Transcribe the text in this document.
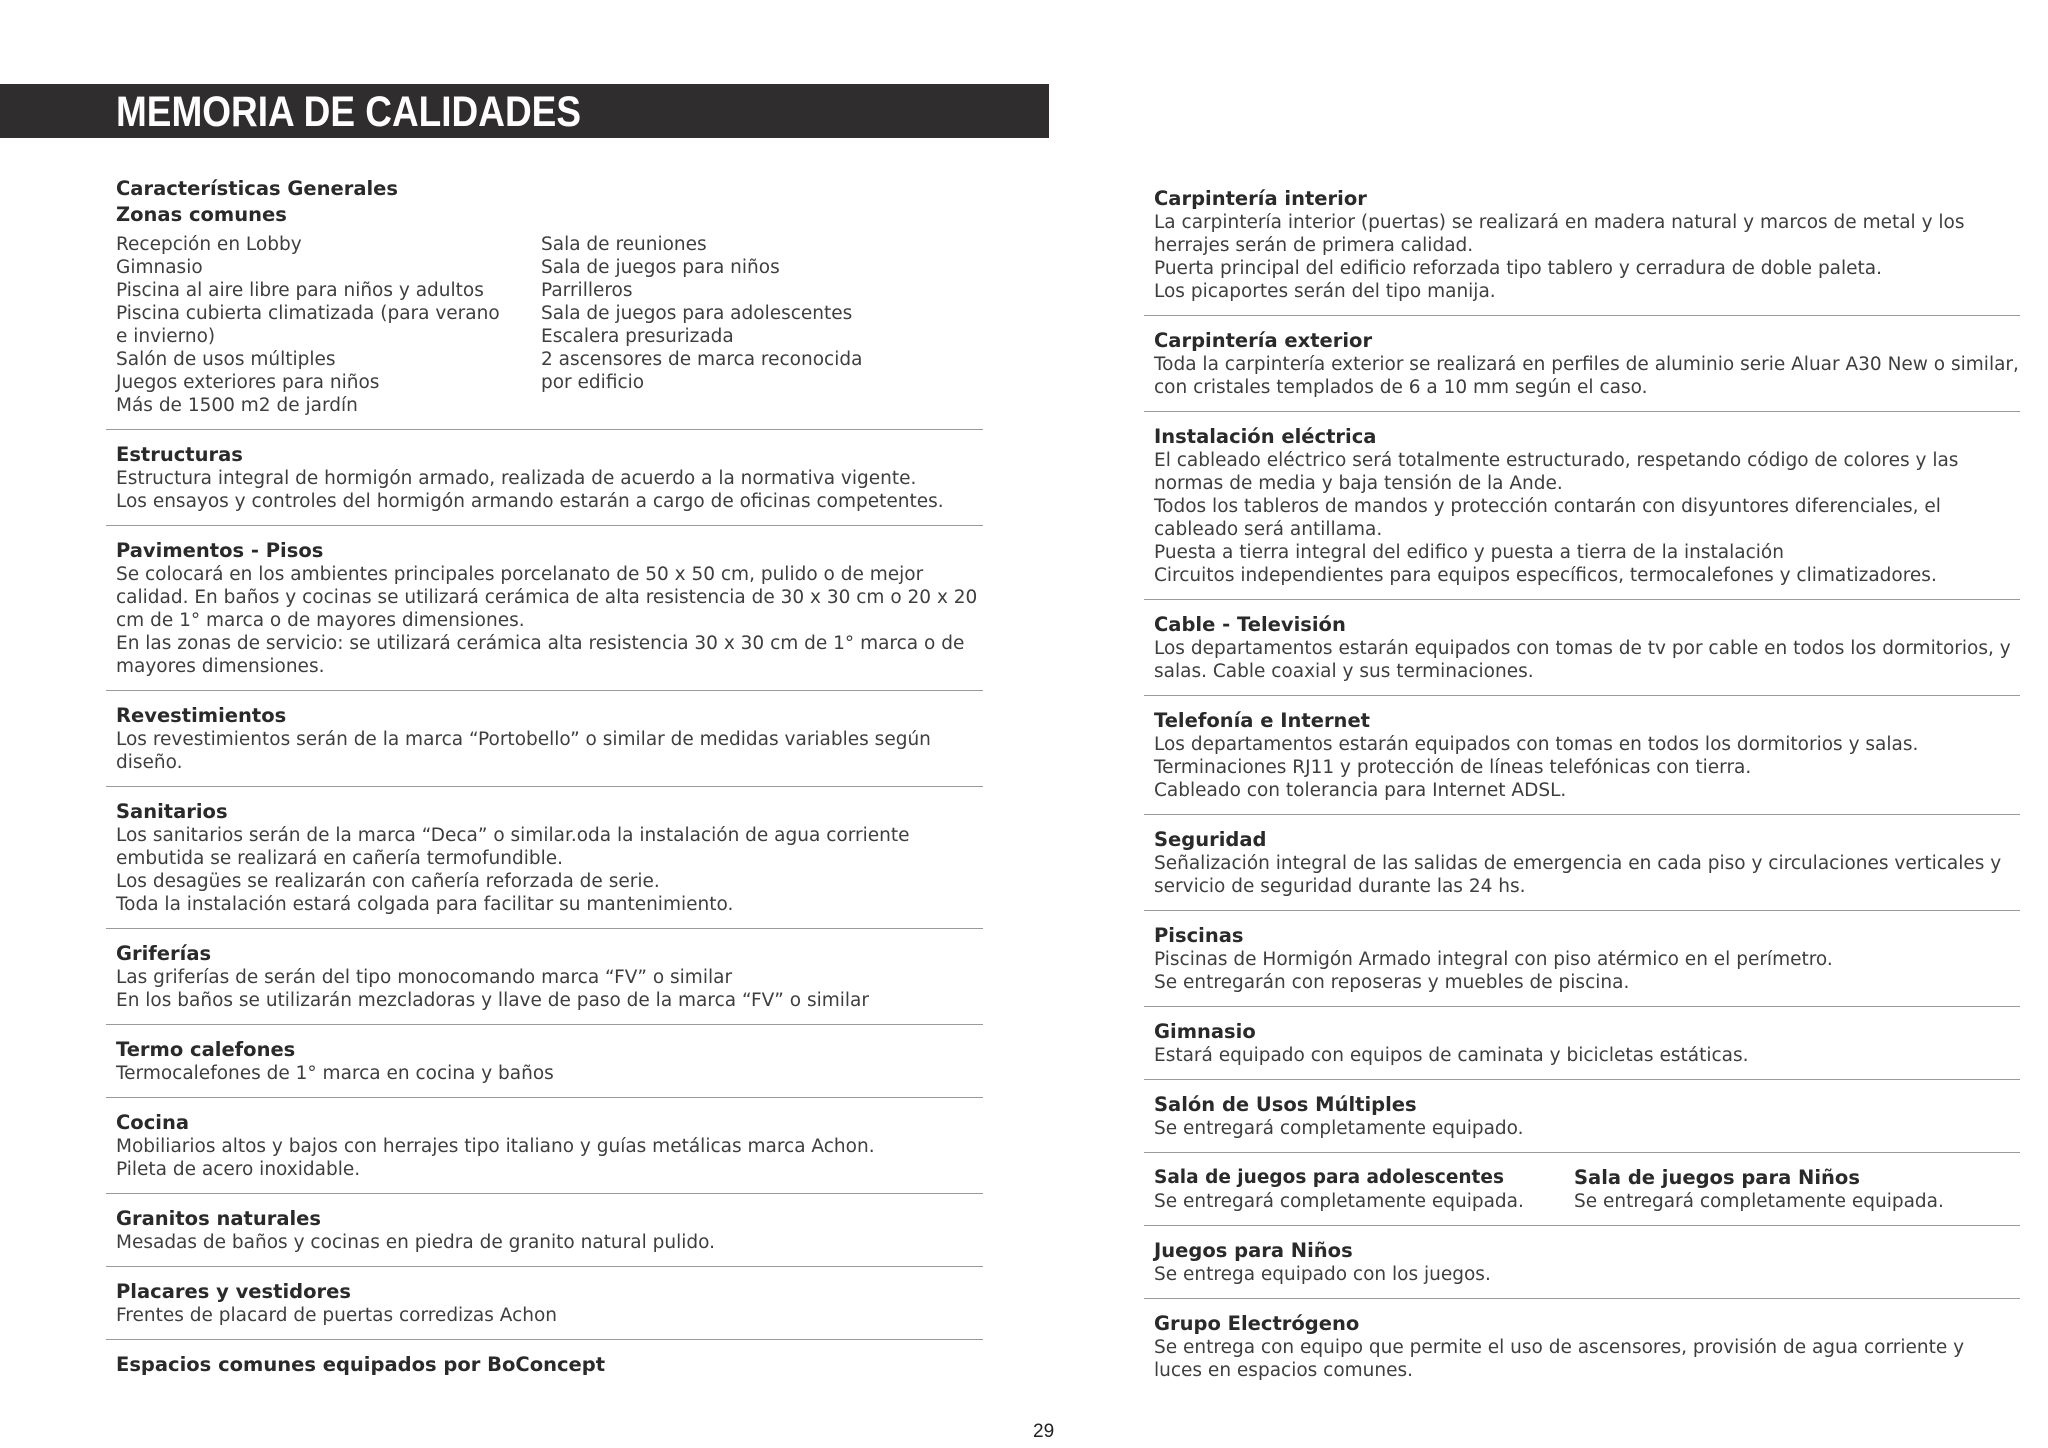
MEMORIA DE CALIDADES
Características Generales
Zonas comunes

Recepción en Lobby

Gimnasio

Piscina al aire libre para niños y adultos

Piscina cubierta climatizada (para verano

e invierno)

Salón de usos múltiples

Juegos exteriores para niños

Más de 1500 m2 de jardín

Sala de reuniones

Sala de juegos para niños

Parrilleros

Sala de juegos para adolescentes

Escalera presurizada

2 ascensores de marca reconocida

por edificio

Estructuras
Estructura integral de hormigón armado, realizada de acuerdo a la normativa vigente.
Los ensayos y controles del hormigón armando estarán a cargo de oficinas competentes.
Pavimentos - Pisos
Se colocará en los ambientes principales porcelanato de 50 x 50 cm, pulido o de mejor
calidad. En baños y cocinas se utilizará cerámica de alta resistencia de 30 x 30 cm o 20 x 20
cm de 1° marca o de mayores dimensiones.
En las zonas de servicio: se utilizará cerámica alta resistencia 30 x 30 cm de 1° marca o de
mayores dimensiones.
Revestimientos
Los revestimientos serán de la marca “Portobello” o similar de medidas variables según
diseño.
Sanitarios
Los sanitarios serán de la marca “Deca” o similar.oda la instalación de agua corriente
embutida se realizará en cañería termofundible.
Los desagües se realizarán con cañería reforzada de serie.
Toda la instalación estará colgada para facilitar su mantenimiento.
Griferías
Las griferías de serán del tipo monocomando marca “FV” o similar
En los baños se utilizarán mezcladoras y llave de paso de la marca “FV” o similar
Termo calefones
Termocalefones de 1° marca en cocina y baños
Cocina
Mobiliarios altos y bajos con herrajes tipo italiano y guías metálicas marca Achon.
Pileta de acero inoxidable.
Granitos naturales
Mesadas de baños y cocinas en piedra de granito natural pulido.
Placares y vestidores
Frentes de placard de puertas corredizas Achon
Espacios comunes equipados por BoConcept
Carpintería interior
La carpintería interior (puertas) se realizará en madera natural y marcos de metal y los
herrajes serán de primera calidad.
Puerta principal del edificio reforzada tipo tablero y cerradura de doble paleta.
Los picaportes serán del tipo manija.
Carpintería exterior
Toda la carpintería exterior se realizará en perfiles de aluminio serie Aluar A30 New o similar,
con cristales templados de 6 a 10 mm según el caso.
Instalación eléctrica
El cableado eléctrico será totalmente estructurado, respetando código de colores y las
normas de media y baja tensión de la Ande.
Todos los tableros de mandos y protección contarán con disyuntores diferenciales, el
cableado será antillama.
Puesta a tierra integral del edifico y puesta a tierra de la instalación
Circuitos independientes para equipos específicos, termocalefones y climatizadores.
Cable - Televisión
Los departamentos estarán equipados con tomas de tv por cable en todos los dormitorios, y
salas. Cable coaxial y sus terminaciones.
Telefonía e Internet
Los departamentos estarán equipados con tomas en todos los dormitorios y salas.
Terminaciones RJ11 y protección de líneas telefónicas con tierra.
Cableado con tolerancia para Internet ADSL.
Seguridad
Señalización integral de las salidas de emergencia en cada piso y circulaciones verticales y
servicio de seguridad durante las 24 hs.
Piscinas
Piscinas de Hormigón Armado integral con piso atérmico en el perímetro.
Se entregarán con reposeras y muebles de piscina.
Gimnasio
Estará equipado con equipos de caminata y bicicletas estáticas.
Salón de Usos Múltiples
Se entregará completamente equipado.
Sala de juegos para adolescentes
Se entregará completamente equipada.
Sala de juegos para Niños
Se entregará completamente equipada.
Juegos para Niños
Se entrega equipado con los juegos.
Grupo Electrógeno
Se entrega con equipo que permite el uso de ascensores, provisión de agua corriente y
luces en espacios comunes.
29
